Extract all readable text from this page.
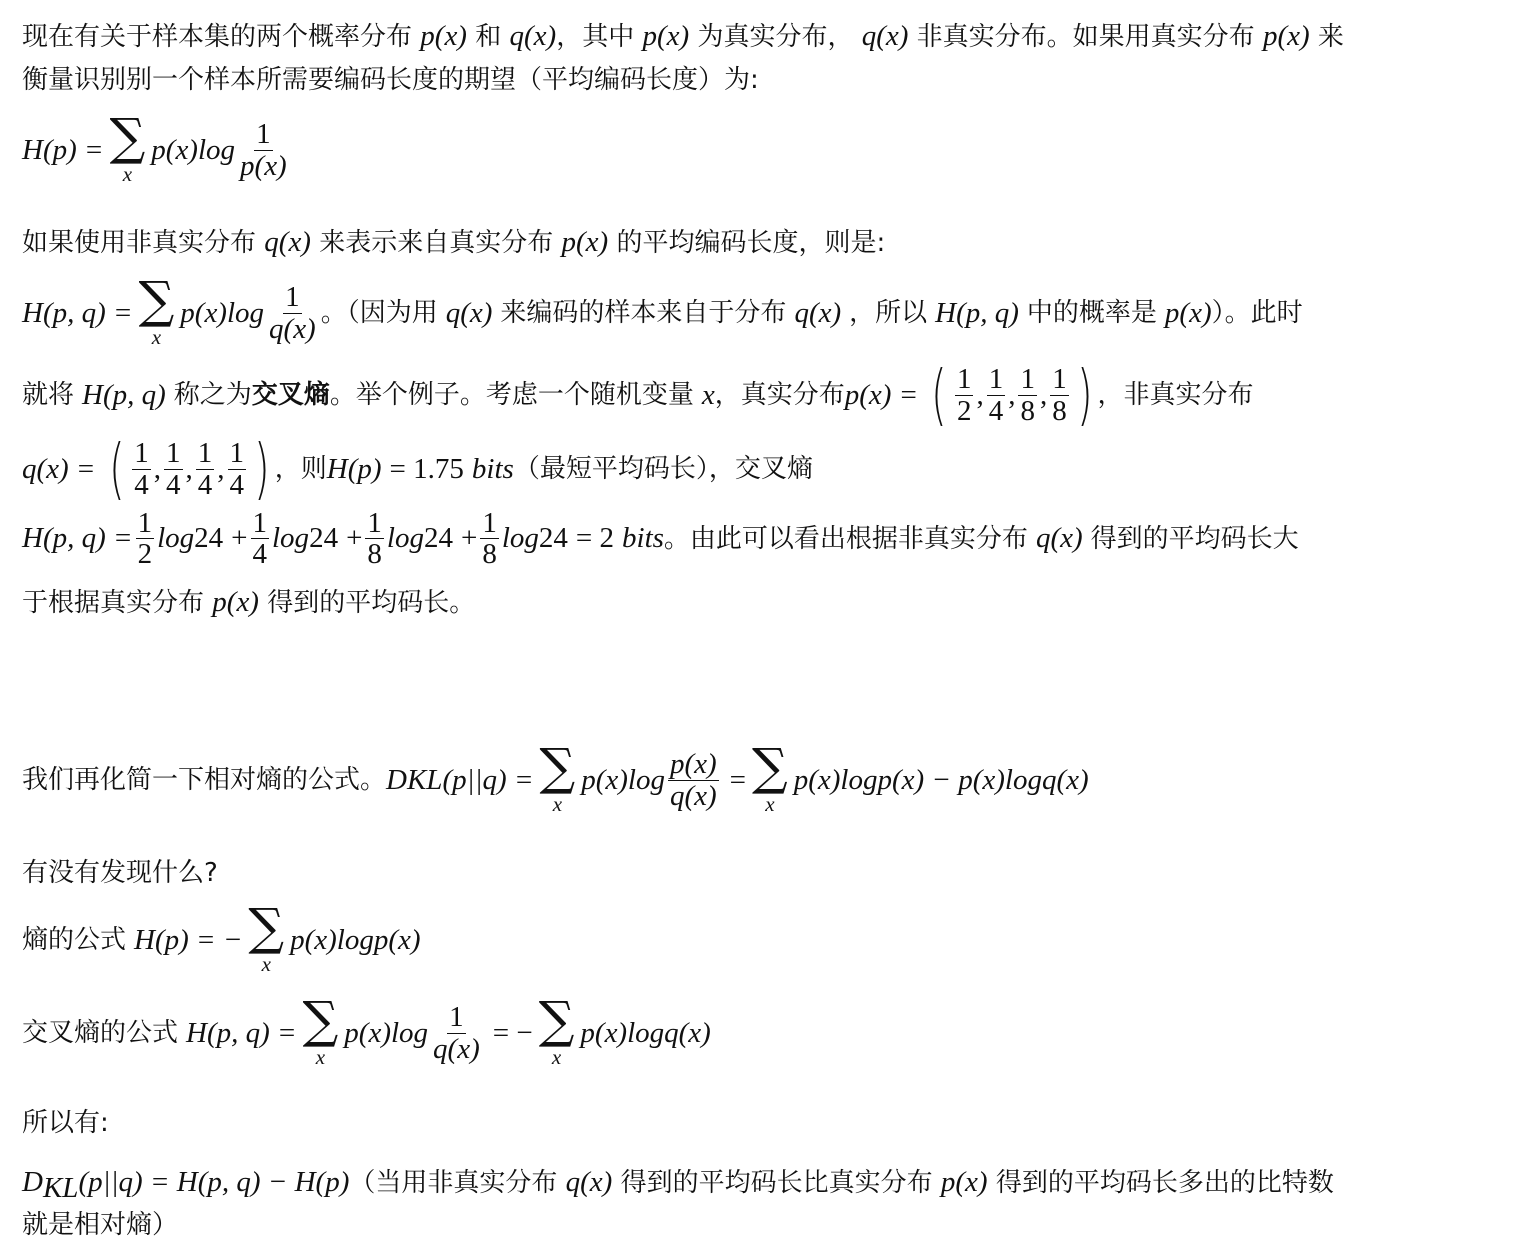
现在有关于样本集的两个概率分布 p(x) 和 q(x)，其中 p(x) 为真实分布， q(x) 非真实分布。如果用真实分布 p(x) 来
衡量识别别一个样本所需要编码长度的期望（平均编码长度）为:
H(p) = ∑
x
$p(x)\log \frac{1}{p(x)}$
如果使用非真实分布 q(x) 来表示来自真实分布 p(x) 的平均编码长度，则是:
H(p, q) = ∑
x
$p(x)\log \frac{1}{q(x)}$ 。（因为用 q(x) 来编码的样本来自于分布 q(x) ，所以 H(p, q) 中的概率是 p(x) ）。此时
就将 H(p, q) 称之为 交叉熵 。举个例子。考虑一个随机变量 x ，真实分布 p(x) = ( $\frac{1}{2}$ , $\frac{1}{4}$ , $\frac{1}{8}$ , $\frac{1}{8}$ ) ，非真实分布
q(x) = ( $\frac{1}{4}$ , $\frac{1}{4}$ , $\frac{1}{4}$ , $\frac{1}{4}$ ) ，则 H(p) = 1.75 bits （最短平均码长），交叉熵
H(p, $q) = \frac{1}{2}$ log 2 $4 + \frac{1}{4}$ log 2 $4 + \frac{1}{8}$ log 2 $4 + \frac{1}{8}$ log 2 4 = 2 bits 。由此可以看出根据非真实分布 q(x) 得到的平均码长大
于根据真实分布 p(x) 得到的平均码长。
我们再化简一下相对熵的公式。 D KL (p||q) = ∑
x
$p(x)\log \frac{p(x)}{q(x)}$ = ∑
x
p(x)logp(x) − p(x)logq(x)
有没有发现什么?
熵的公式 H(p) = − ∑
x
p(x)logp(x)
交叉熵的公式 H(p, q) = ∑
x
$p(x)\log \frac{1}{q(x)}$ = − ∑
x
p(x)logq(x)
所以有:
$D_{KL}(p||q) = H(p$, q) − H(p)（当用非真实分布 q(x) 得到的平均码长比真实分布 p(x) 得到的平均码长多出的比特数
就是相对熵）
